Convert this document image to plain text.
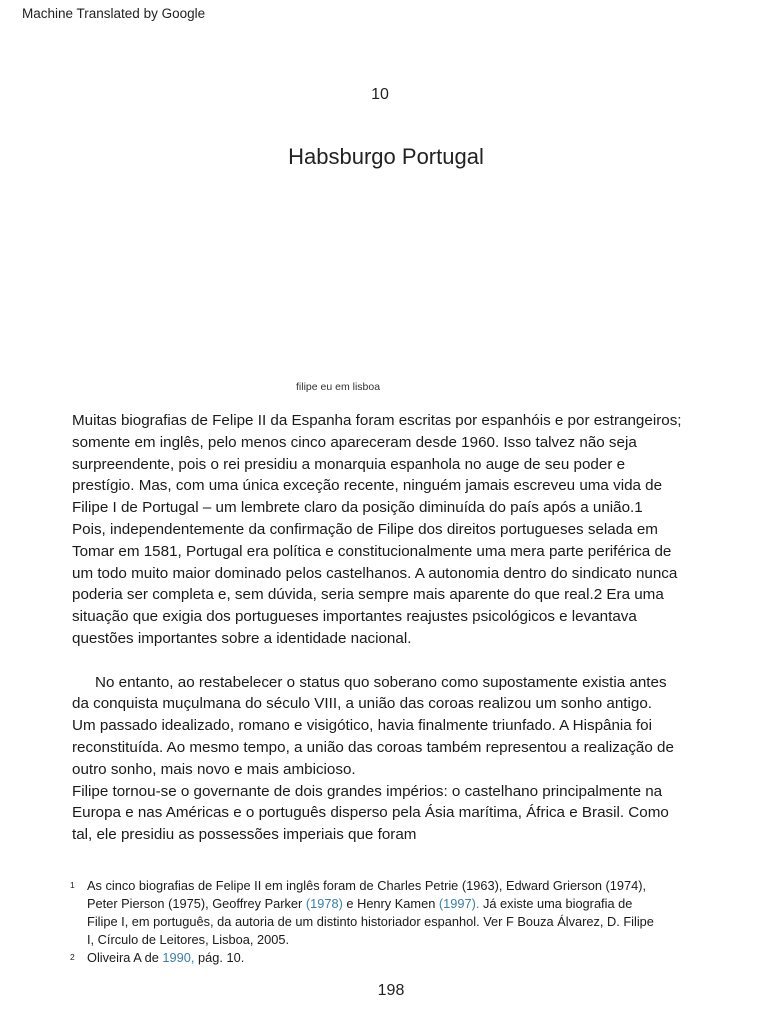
Machine Translated by Google
10
Habsburgo Portugal
filipe eu em lisboa
Muitas biografias de Felipe II da Espanha foram escritas por espanhóis e por estrangeiros;
somente em inglês, pelo menos cinco apareceram desde 1960. Isso talvez não seja
surpreendente, pois o rei presidiu a monarquia espanhola no auge de seu poder e
prestígio. Mas, com uma única exceção recente, ninguém jamais escreveu uma vida de
Filipe I de Portugal – um lembrete claro da posição diminuída do país após a união.1
Pois, independentemente da confirmação de Filipe dos direitos portugueses selada em
Tomar em 1581, Portugal era política e constitucionalmente uma mera parte periférica de
um todo muito maior dominado pelos castelhanos. A autonomia dentro do sindicato nunca
poderia ser completa e, sem dúvida, seria sempre mais aparente do que real.2 Era uma
situação que exigia dos portugueses importantes reajustes psicológicos e levantava
questões importantes sobre a identidade nacional.
No entanto, ao restabelecer o status quo soberano como supostamente existia antes
da conquista muçulmana do século VIII, a união das coroas realizou um sonho antigo.
Um passado idealizado, romano e visigótico, havia finalmente triunfado. A Hispânia foi
reconstituída. Ao mesmo tempo, a união das coroas também representou a realização de
outro sonho, mais novo e mais ambicioso.
Filipe tornou-se o governante de dois grandes impérios: o castelhano principalmente na
Europa e nas Américas e o português disperso pela Ásia marítima, África e Brasil. Como
tal, ele presidiu as possessões imperiais que foram
1 As cinco biografias de Felipe II em inglês foram de Charles Petrie (1963), Edward Grierson (1974),
Peter Pierson (1975), Geoffrey Parker (1978) e Henry Kamen (1997). Já existe uma biografia de
Filipe I, em português, da autoria de um distinto historiador espanhol. Ver F Bouza Álvarez, D. Filipe
I, Círculo de Leitores, Lisboa, 2005.
2 Oliveira A de 1990, pág. 10.
198
